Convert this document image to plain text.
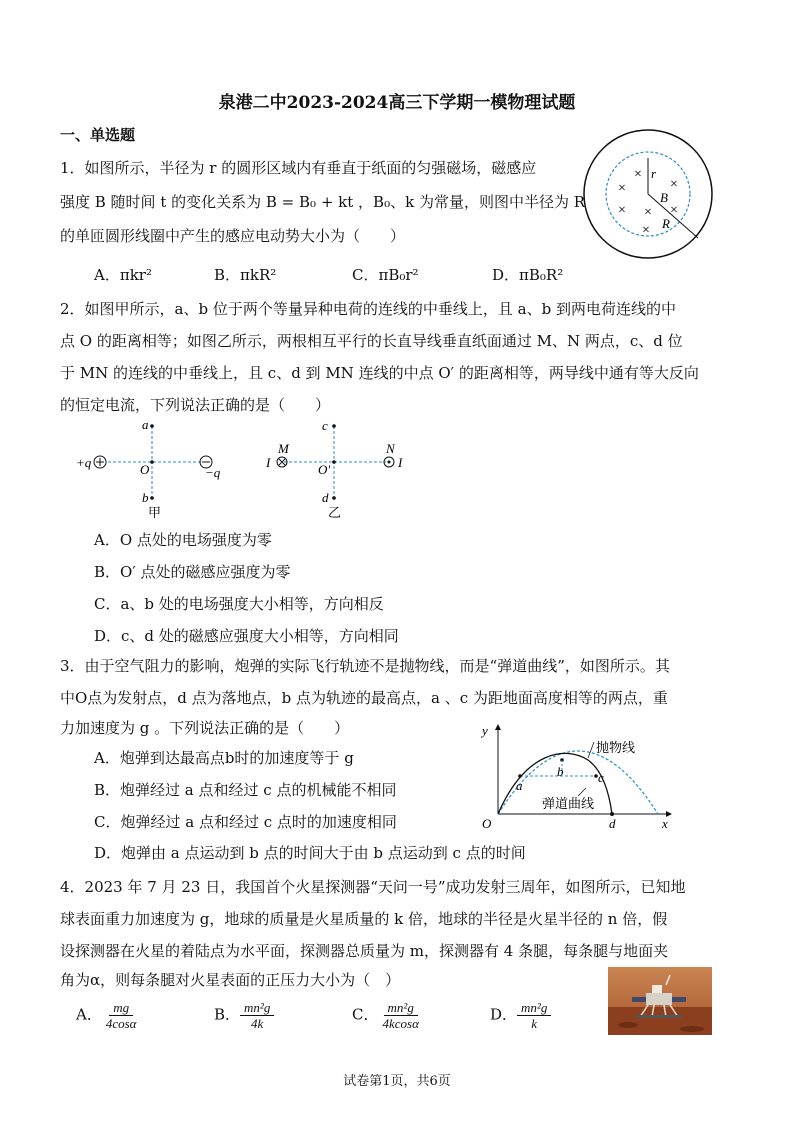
泉港二中2023-2024高三下学期一模物理试题
一、单选题
1．如图所示，半径为 r 的圆形区域内有垂直于纸面的匀强磁场，磁感应
强度 B 随时间 t 的变化关系为 B = B₀ + kt ，B₀、k 为常量，则图中半径为 R
的单匝圆形线圈中产生的感应电动势大小为（　　）
A．πkr²	B．πkR²	C．πB₀r²	D．πB₀R²
×
×
×
× × ×
×
r
B
R
2．如图甲所示，a、b 位于两个等量异种电荷的连线的中垂线上，且 a、b 到两电荷连线的中
点 O 的距离相等；如图乙所示，两根相互平行的长直导线垂直纸面通过 M、N 两点，c、d 位
于 MN 的连线的中垂线上，且 c、d 到 MN 连线的中点 O′ 的距离相等，两导线中通有等大反向
的恒定电流，下列说法正确的是（　　）
+q
−q
a
O
b
甲
M	N
I	I
c
O′
d
乙
A．O 点处的电场强度为零
B．O′ 点处的磁感应强度为零
C．a、b 处的电场强度大小相等，方向相反
D．c、d 处的磁感应强度大小相等，方向相同
3．由于空气阻力的影响，炮弹的实际飞行轨迹不是抛物线，而是“弹道曲线”，如图所示。其
中O点为发射点，d 点为落地点，b 点为轨迹的最高点，a 、c 为距地面高度相等的两点，重
力加速度为 g 。下列说法正确的是（　　）
A．炮弹到达最高点b时的加速度等于 g
B．炮弹经过 a 点和经过 c 点的机械能不相同
C．炮弹经过 a 点和经过 c 点时的加速度相同
D．炮弹由 a 点运动到 b 点的时间大于由 b 点运动到 c 点的时间
y
x
O
a
b	c
d
抛物线
弹道曲线
4．2023 年 7 月 23 日，我国首个火星探测器“天问一号”成功发射三周年，如图所示，已知地
球表面重力加速度为 g，地球的质量是火星质量的 k 倍，地球的半径是火星半径的 n 倍，假
设探测器在火星的着陆点为水平面，探测器总质量为 m，探测器有 4 条腿，每条腿与地面夹
角为α，则每条腿对火星表面的正压力大小为（　）
A． $\frac{mg}{4\cos\alpha}$	B． $\frac{\text{mn²g}}{4k}$	C． $\frac{\text{mn²g}}{4kcos\alpha}$	D． $\frac{\text{mn²g}}{k}$
试卷第1页，共6页
